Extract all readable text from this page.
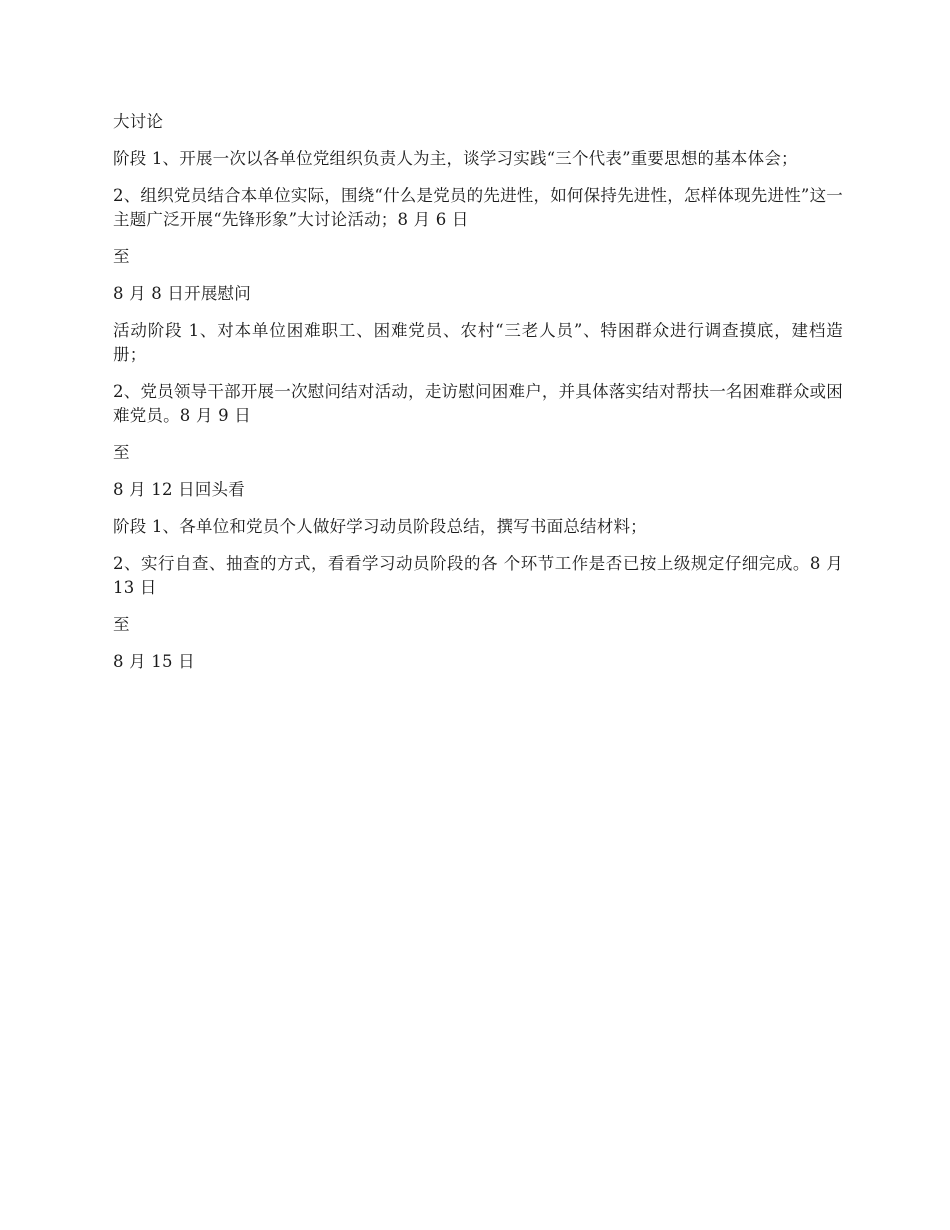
大讨论

阶段 1、开展一次以各单位党组织负责人为主，谈学习实践“三个代表”重要思想的基本体会；

2、组织党员结合本单位实际，围绕“什么是党员的先进性，如何保持先进性，怎样体现先进性”这一主题广泛开展“先锋形象”大讨论活动；8 月 6 日

至

8 月 8 日开展慰问

活动阶段 1、对本单位困难职工、困难党员、农村“三老人员”、特困群众进行调查摸底，建档造册；

2、党员领导干部开展一次慰问结对活动，走访慰问困难户，并具体落实结对帮扶一名困难群众或困难党员。8 月 9 日

至

8 月 12 日回头看

阶段 1、各单位和党员个人做好学习动员阶段总结，撰写书面总结材料；

2、实行自查、抽查的方式，看看学习动员阶段的各 个环节工作是否已按上级规定仔细完成。8 月 13 日

至

8 月 15 日
